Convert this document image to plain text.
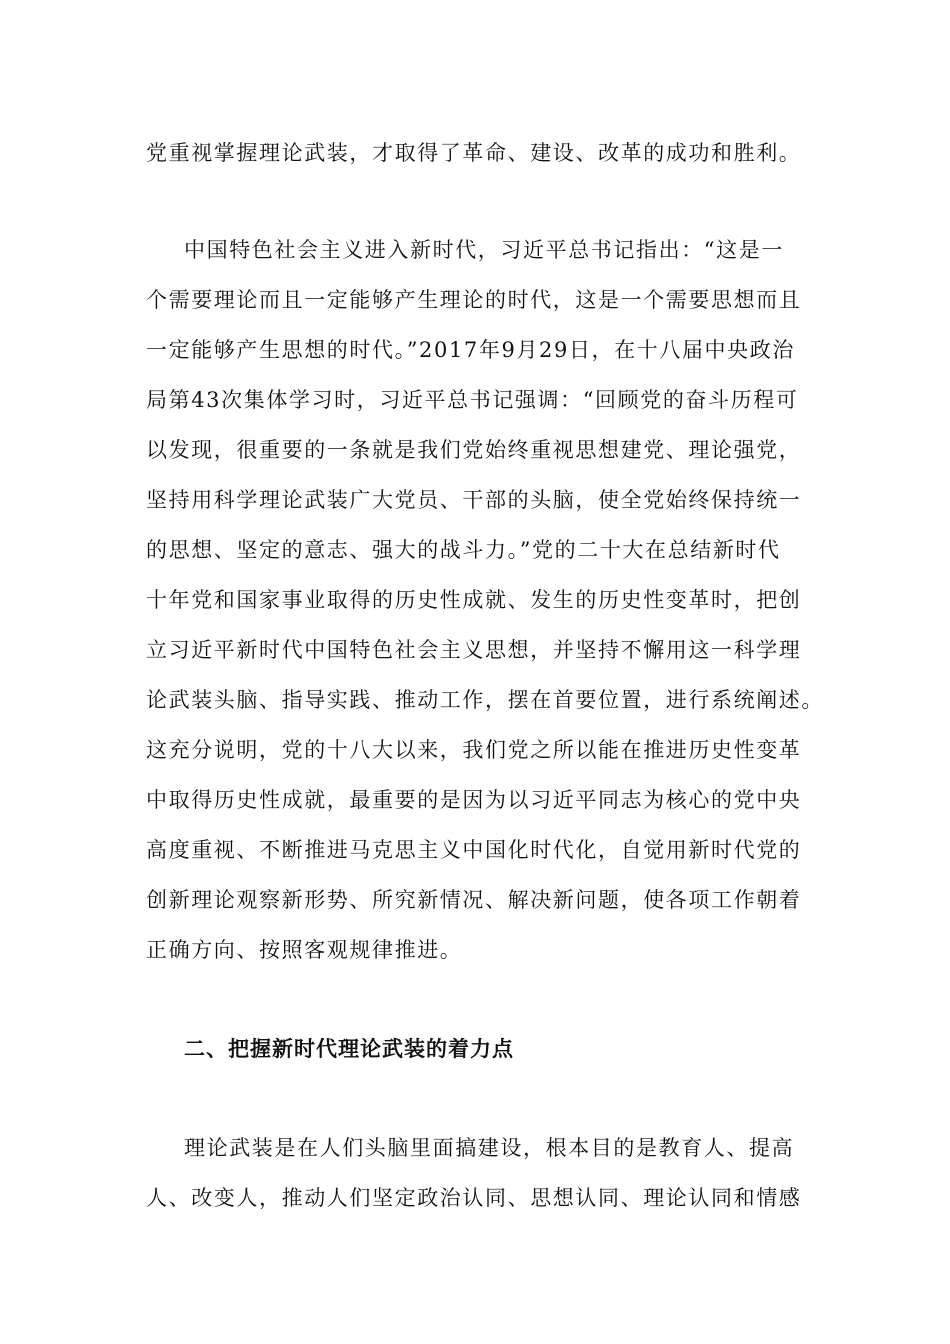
党重视掌握理论武装，才取得了革命、建设、改革的成功和胜利。
中国特色社会主义进入新时代，习近平总书记指出：“这是一
个需要理论而且一定能够产生理论的时代，这是一个需要思想而且
一定能够产生思想的时代。”2017年9月29日，在十八届中央政治
局第43次集体学习时，习近平总书记强调：“回顾党的奋斗历程可
以发现，很重要的一条就是我们党始终重视思想建党、理论强党，
坚持用科学理论武装广大党员、干部的头脑，使全党始终保持统一
的思想、坚定的意志、强大的战斗力。”党的二十大在总结新时代
十年党和国家事业取得的历史性成就、发生的历史性变革时，把创
立习近平新时代中国特色社会主义思想，并坚持不懈用这一科学理
论武装头脑、指导实践、推动工作，摆在首要位置，进行系统阐述。
这充分说明，党的十八大以来，我们党之所以能在推进历史性变革
中取得历史性成就，最重要的是因为以习近平同志为核心的党中央
高度重视、不断推进马克思主义中国化时代化，自觉用新时代党的
创新理论观察新形势、所究新情况、解决新问题，使各项工作朝着
正确方向、按照客观规律推进。
二、把握新时代理论武装的着力点
理论武装是在人们头脑里面搞建设，根本目的是教育人、提高
人、改变人，推动人们坚定政治认同、思想认同、理论认同和情感
